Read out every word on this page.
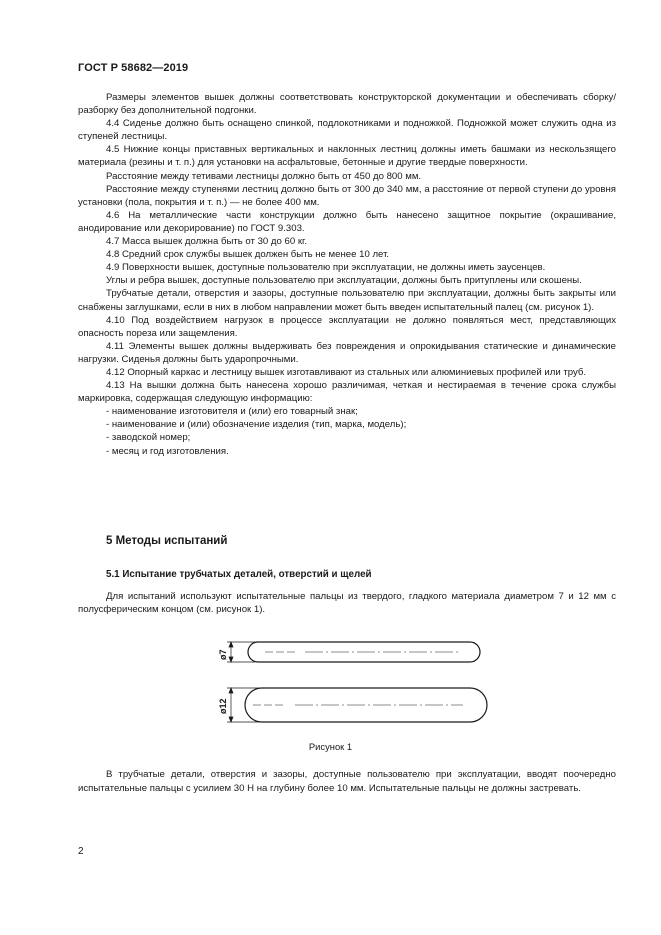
ГОСТ Р 58682—2019

Размеры элементов вышек должны соответствовать конструкторской документации и обеспечивать сборку/разборку без дополнительной подгонки.

4.4 Сиденье должно быть оснащено спинкой, подлокотниками и подножкой. Подножкой может служить одна из ступеней лестницы.

4.5 Нижние концы приставных вертикальных и наклонных лестниц должны иметь башмаки из нескользящего материала (резины и т. п.) для установки на асфальтовые, бетонные и другие твердые поверхности.

Расстояние между тетивами лестницы должно быть от 450 до 800 мм.

Расстояние между ступенями лестниц должно быть от 300 до 340 мм, а расстояние от первой ступени до уровня установки (пола, покрытия и т. п.) — не более 400 мм.

4.6 На металлические части конструкции должно быть нанесено защитное покрытие (окрашивание, анодирование или декорирование) по ГОСТ 9.303.

4.7 Масса вышек должна быть от 30 до 60 кг.

4.8 Средний срок службы вышек должен быть не менее 10 лет.

4.9 Поверхности вышек, доступные пользователю при эксплуатации, не должны иметь заусенцев.

Углы и ребра вышек, доступные пользователю при эксплуатации, должны быть притуплены или скошены.

Трубчатые детали, отверстия и зазоры, доступные пользователю при эксплуатации, должны быть закрыты или снабжены заглушками, если в них в любом направлении может быть введен испытательный палец (см. рисунок 1).

4.10 Под воздействием нагрузок в процессе эксплуатации не должно появляться мест, представляющих опасность пореза или защемления.

4.11 Элементы вышек должны выдерживать без повреждения и опрокидывания статические и динамические нагрузки. Сиденья должны быть ударопрочными.

4.12 Опорный каркас и лестницу вышек изготавливают из стальных или алюминиевых профилей или труб.

4.13 На вышки должна быть нанесена хорошо различимая, четкая и нестираемая в течение срока службы маркировка, содержащая следующую информацию:

- наименование изготовителя и (или) его товарный знак;

- наименование и (или) обозначение изделия (тип, марка, модель);

- заводской номер;

- месяц и год изготовления.

5 Методы испытаний
5.1 Испытание трубчатых деталей, отверстий и щелей

Для испытаний используют испытательные пальцы из твердого, гладкого материала диаметром 7 и 12 мм с полусферическим концом (см. рисунок 1).

ø7
ø12
Рисунок 1

В трубчатые детали, отверстия и зазоры, доступные пользователю при эксплуатации, вводят поочередно испытательные пальцы с усилием 30 Н на глубину более 10 мм. Испытательные пальцы не должны застревать.

2
